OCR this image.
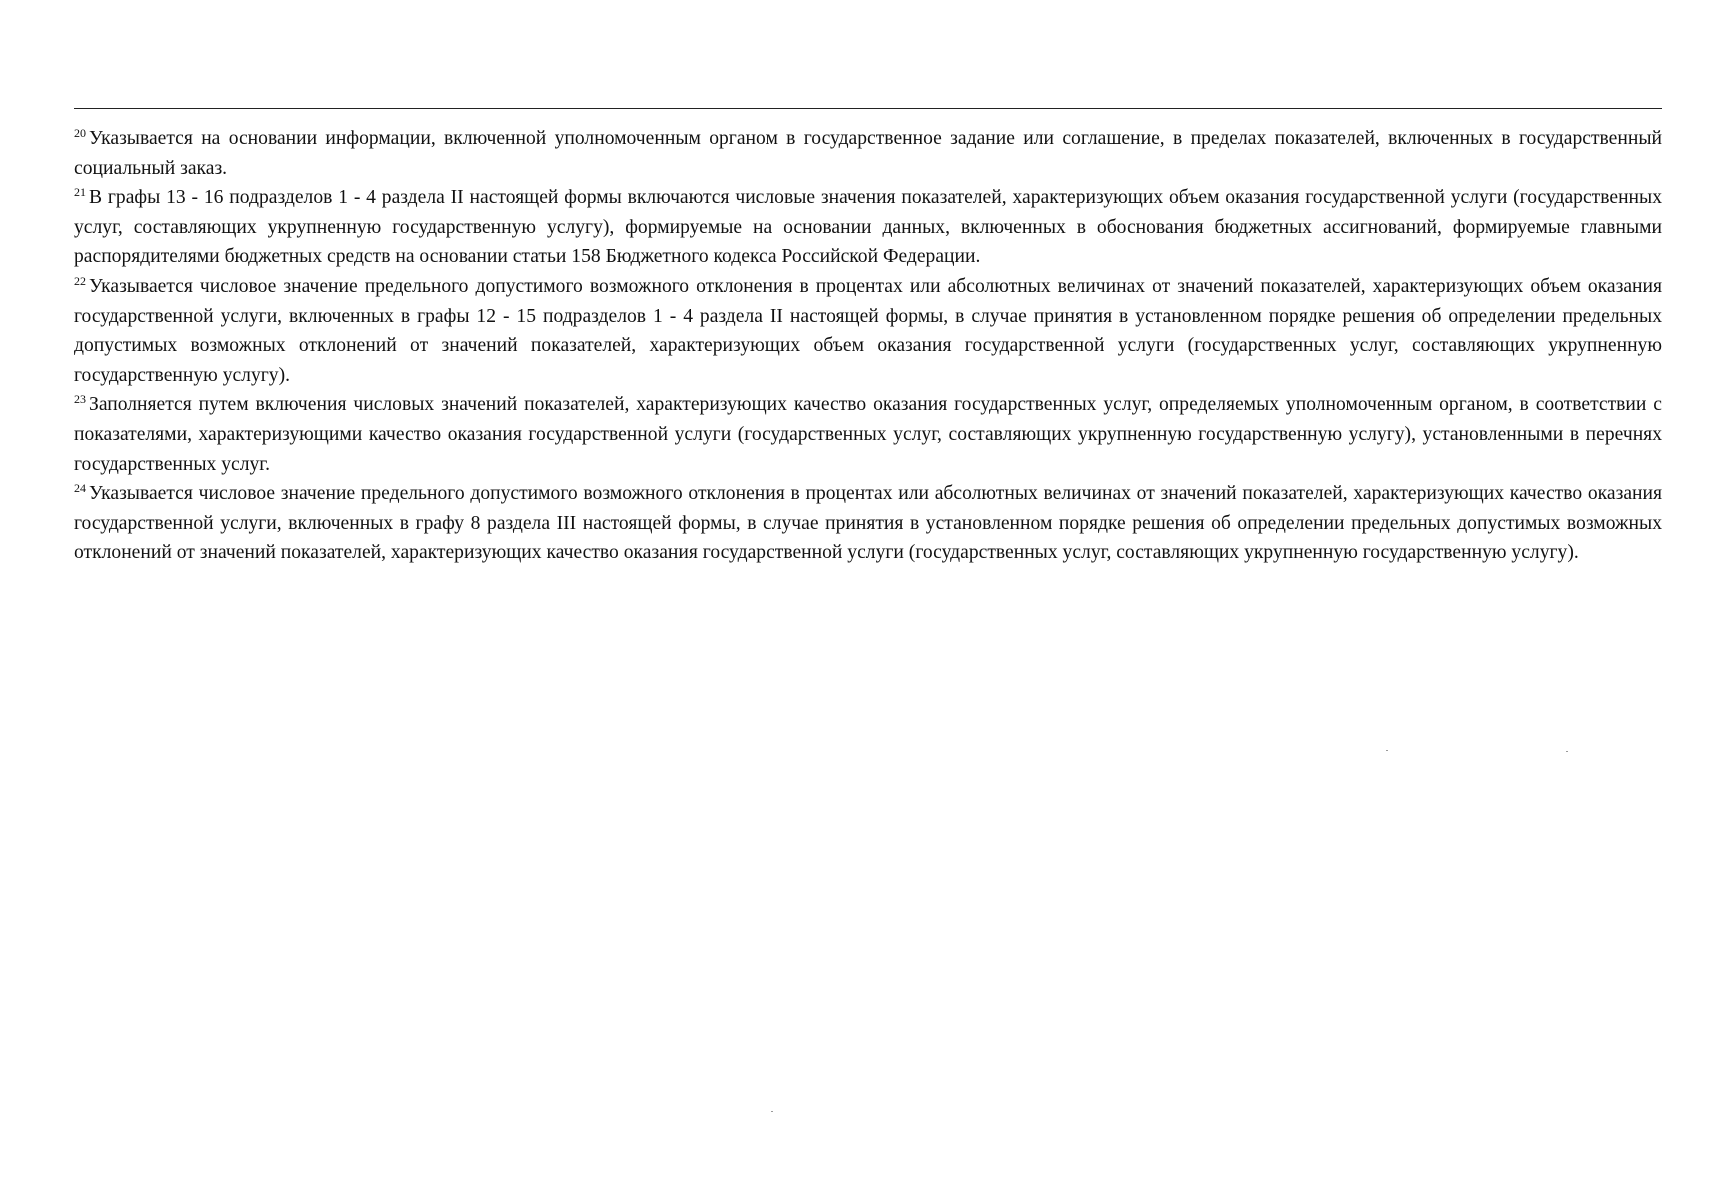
$^{20}$ Указывается на основании информации, включенной уполномоченным органом в государственное задание или соглашение, в пределах показателей, включенных в государственный социальный заказ.

$^{21}$ В графы 13 - 16 подразделов 1 - 4 раздела II настоящей формы включаются числовые значения показателей, характеризующих объем оказания государственной услуги (государственных услуг, составляющих укрупненную государственную услугу), формируемые на основании данных, включенных в обоснования бюджетных ассигнований, формируемые главными распорядителями бюджетных средств на основании статьи 158 Бюджетного кодекса Российской Федерации.

$^{22}$ Указывается числовое значение предельного допустимого возможного отклонения в процентах или абсолютных величинах от значений показателей, характеризующих объем оказания государственной услуги, включенных в графы 12 - 15 подразделов 1 - 4 раздела II настоящей формы, в случае принятия в установленном порядке решения об определении предельных допустимых возможных отклонений от значений показателей, характеризующих объем оказания государственной услуги (государственных услуг, составляющих укрупненную государственную услугу).

$^{23}$ Заполняется путем включения числовых значений показателей, характеризующих качество оказания государственных услуг, определяемых уполномоченным органом, в соответствии с показателями, характеризующими качество оказания государственной услуги (государственных услуг, составляющих укрупненную государственную услугу), установленными в перечнях государственных услуг.

$^{24}$ Указывается числовое значение предельного допустимого возможного отклонения в процентах или абсолютных величинах от значений показателей, характеризующих качество оказания государственной услуги, включенных в графу 8 раздела III настоящей формы, в случае принятия в установленном порядке решения об определении предельных допустимых возможных отклонений от значений показателей, характеризующих качество оказания государственной услуги (государственных услуг, составляющих укрупненную государственную услугу).
